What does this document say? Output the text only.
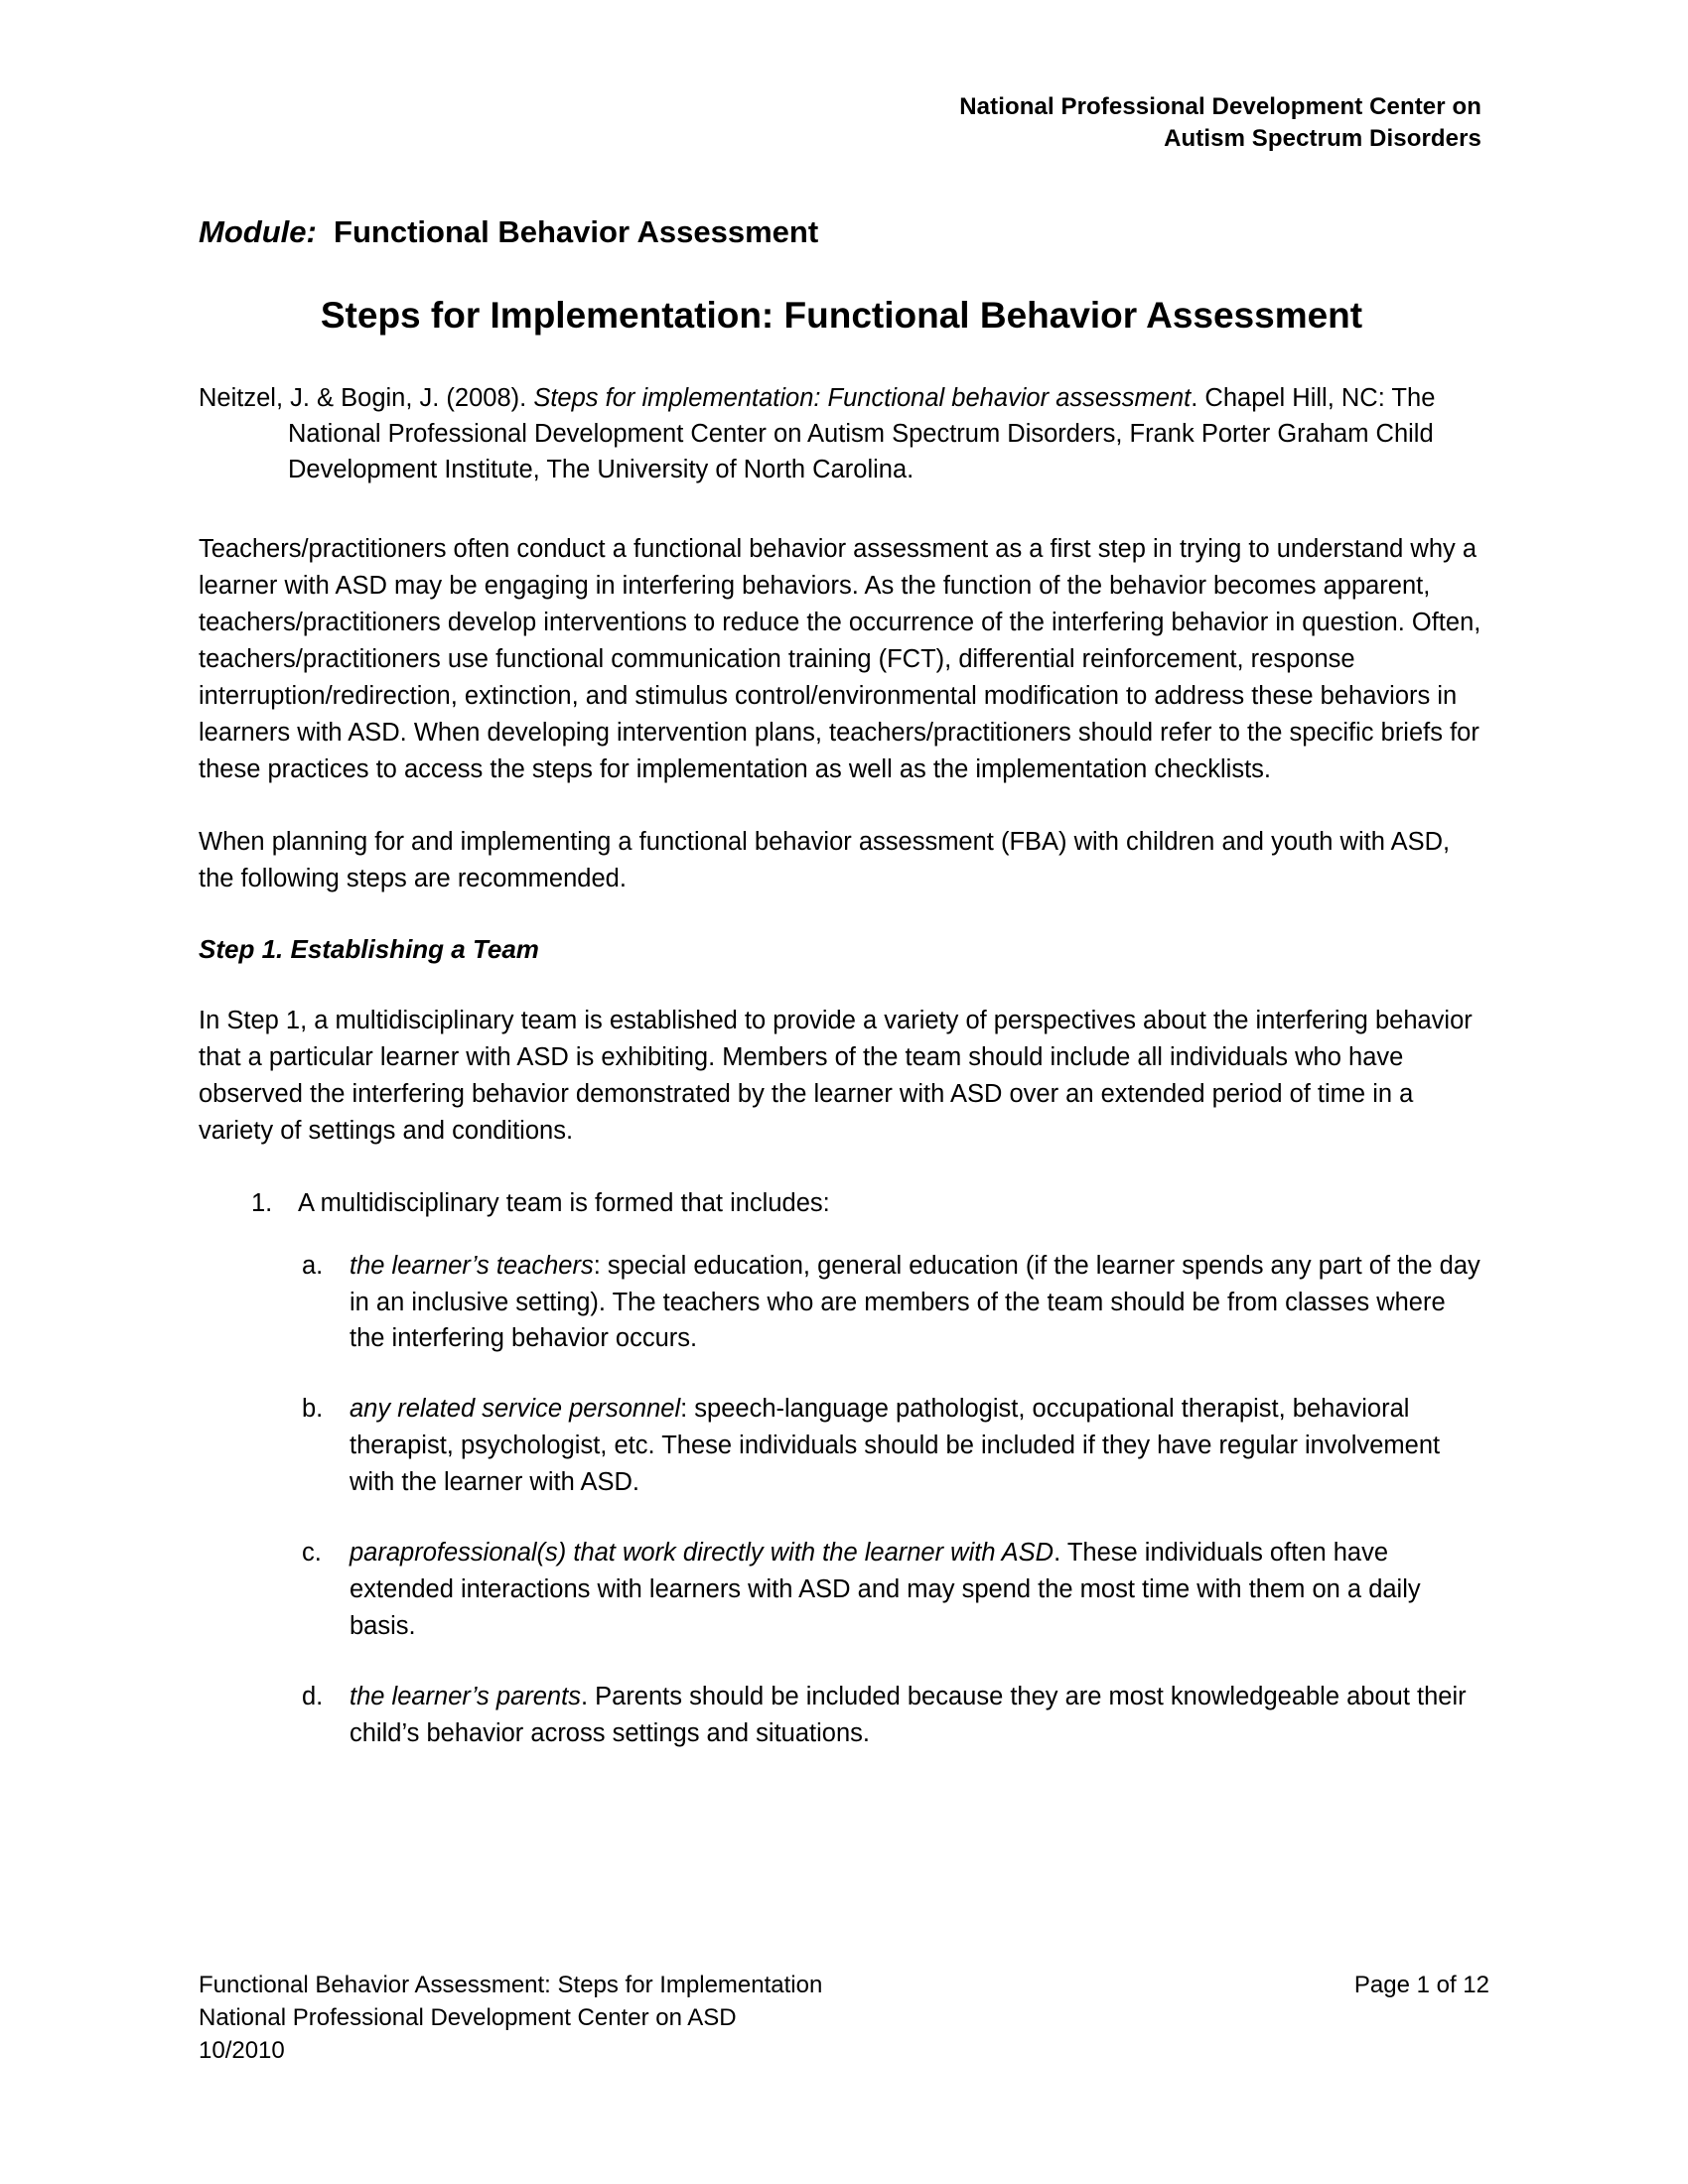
National Professional Development Center on
Autism Spectrum Disorders
Module: Functional Behavior Assessment
Steps for Implementation: Functional Behavior Assessment
Neitzel, J. & Bogin, J. (2008). Steps for implementation: Functional behavior assessment. Chapel Hill, NC: The National Professional Development Center on Autism Spectrum Disorders, Frank Porter Graham Child Development Institute, The University of North Carolina.

Teachers/practitioners often conduct a functional behavior assessment as a first step in trying to understand why a learner with ASD may be engaging in interfering behaviors. As the function of the behavior becomes apparent, teachers/practitioners develop interventions to reduce the occurrence of the interfering behavior in question. Often, teachers/practitioners use functional communication training (FCT), differential reinforcement, response interruption/redirection, extinction, and stimulus control/environmental modification to address these behaviors in learners with ASD. When developing intervention plans, teachers/practitioners should refer to the specific briefs for these practices to access the steps for implementation as well as the implementation checklists.

When planning for and implementing a functional behavior assessment (FBA) with children and youth with ASD, the following steps are recommended.

Step 1. Establishing a Team

In Step 1, a multidisciplinary team is established to provide a variety of perspectives about the interfering behavior that a particular learner with ASD is exhibiting. Members of the team should include all individuals who have observed the interfering behavior demonstrated by the learner with ASD over an extended period of time in a variety of settings and conditions.

1.	A multidisciplinary team is formed that includes:
a.	the learner’s teachers: special education, general education (if the learner spends any part of the day in an inclusive setting). The teachers who are members of the team should be from classes where the interfering behavior occurs.
b.	any related service personnel: speech-language pathologist, occupational therapist, behavioral therapist, psychologist, etc. These individuals should be included if they have regular involvement with the learner with ASD.
c.	paraprofessional(s) that work directly with the learner with ASD. These individuals often have extended interactions with learners with ASD and may spend the most time with them on a daily basis.
d.	the learner’s parents. Parents should be included because they are most knowledgeable about their child’s behavior across settings and situations.
Functional Behavior Assessment: Steps for Implementation	Page 1 of 12
National Professional Development Center on ASD
10/2010
